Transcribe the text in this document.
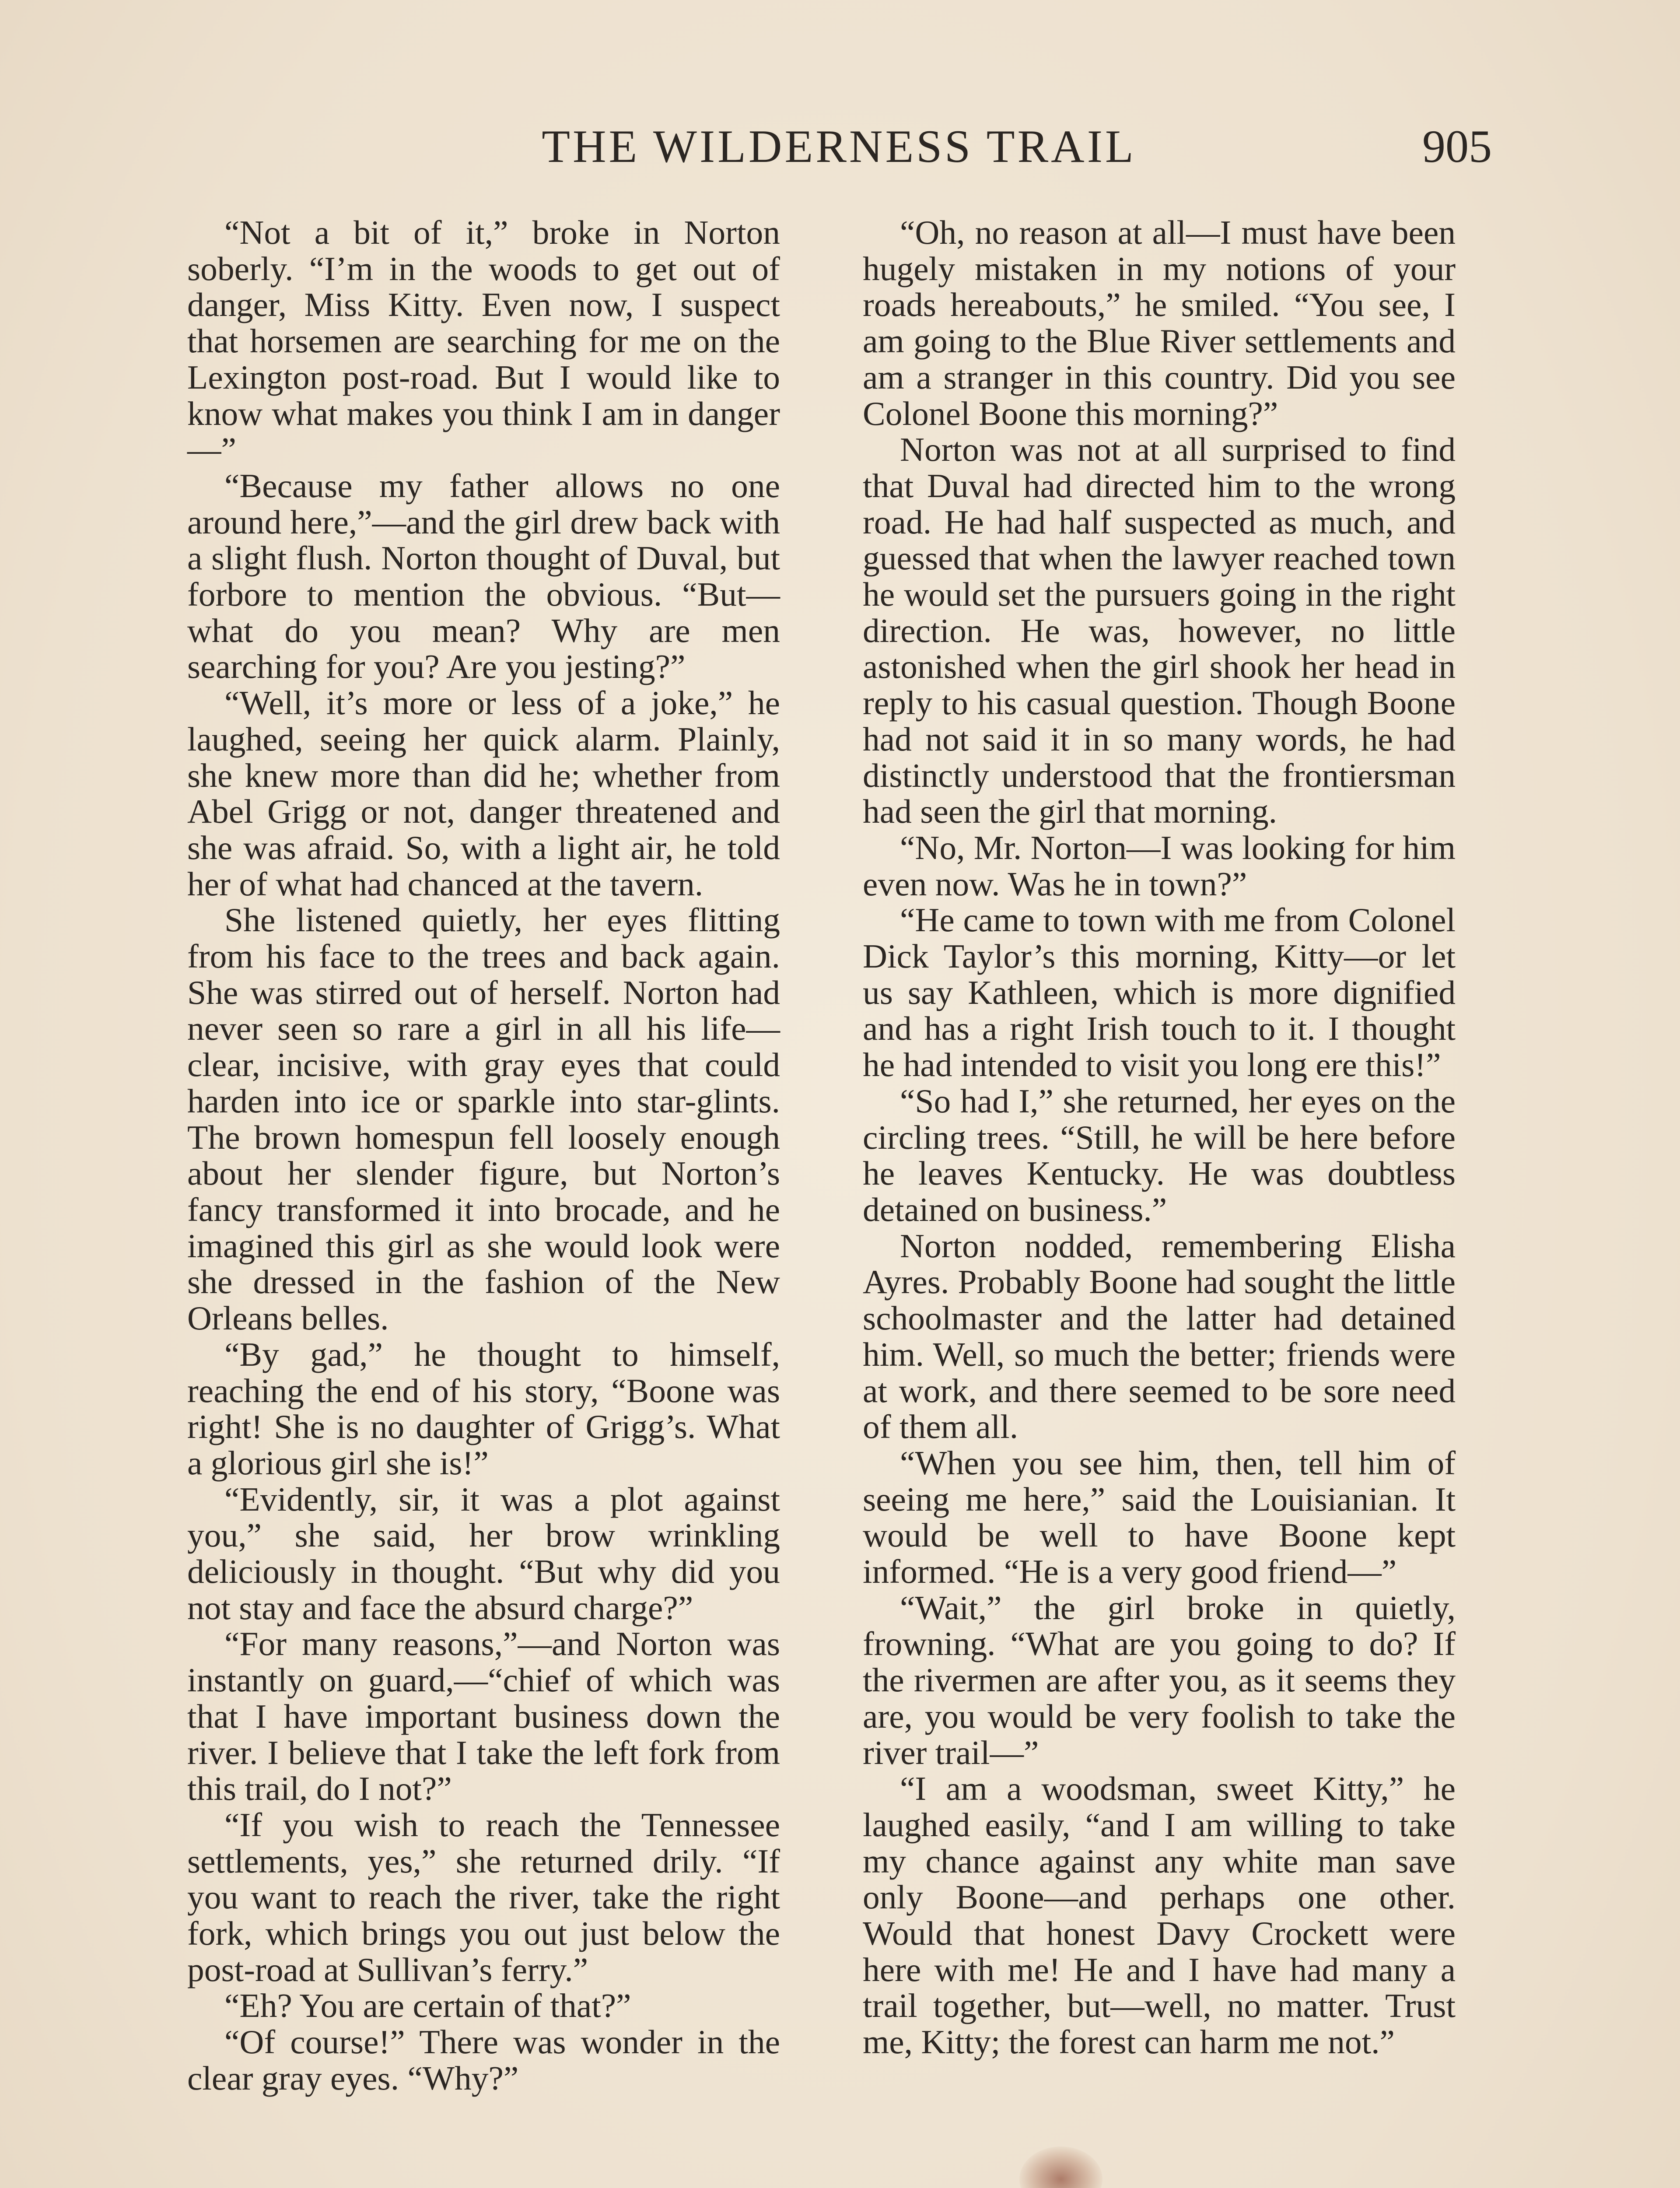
THE WILDERNESS TRAIL	905

“Not a bit of it,” broke in Norton soberly. “I’m in the woods to get out of danger, Miss Kitty. Even now, I suspect that horsemen are searching for me on the Lexington post-road. But I would like to know what makes you think I am in danger—”

“Because my father allows no one around here,”—and the girl drew back with a slight flush. Norton thought of Duval, but forbore to mention the obvious. “But—what do you mean? Why are men searching for you? Are you jesting?”

“Well, it’s more or less of a joke,” he laughed, seeing her quick alarm. Plainly, she knew more than did he; whether from Abel Grigg or not, danger threatened and she was afraid. So, with a light air, he told her of what had chanced at the tavern.

She listened quietly, her eyes flitting from his face to the trees and back again. She was stirred out of herself. Norton had never seen so rare a girl in all his life—clear, incisive, with gray eyes that could harden into ice or sparkle into star-glints. The brown homespun fell loosely enough about her slender figure, but Norton’s fancy transformed it into brocade, and he imagined this girl as she would look were she dressed in the fashion of the New Orleans belles.

“By gad,” he thought to himself, reaching the end of his story, “Boone was right! She is no daughter of Grigg’s. What a glorious girl she is!”

“Evidently, sir, it was a plot against you,” she said, her brow wrinkling deliciously in thought. “But why did you not stay and face the absurd charge?”

“For many reasons,”—and Norton was instantly on guard,—“chief of which was that I have important business down the river. I believe that I take the left fork from this trail, do I not?”

“If you wish to reach the Tennessee settlements, yes,” she returned drily. “If you want to reach the river, take the right fork, which brings you out just below the post-road at Sullivan’s ferry.”

“Eh? You are certain of that?”

“Of course!” There was wonder in the clear gray eyes. “Why?”

“Oh, no reason at all—I must have been hugely mistaken in my notions of your roads hereabouts,” he smiled. “You see, I am going to the Blue River settlements and am a stranger in this country. Did you see Colonel Boone this morning?”

Norton was not at all surprised to find that Duval had directed him to the wrong road. He had half suspected as much, and guessed that when the lawyer reached town he would set the pursuers going in the right direction. He was, however, no little astonished when the girl shook her head in reply to his casual question. Though Boone had not said it in so many words, he had distinctly understood that the frontiersman had seen the girl that morning.

“No, Mr. Norton—I was looking for him even now. Was he in town?”

“He came to town with me from Colonel Dick Taylor’s this morning, Kitty—or let us say Kathleen, which is more dignified and has a right Irish touch to it. I thought he had intended to visit you long ere this!”

“So had I,” she returned, her eyes on the circling trees. “Still, he will be here before he leaves Kentucky. He was doubtless detained on business.”

Norton nodded, remembering Elisha Ayres. Probably Boone had sought the little schoolmaster and the latter had detained him. Well, so much the better; friends were at work, and there seemed to be sore need of them all.

“When you see him, then, tell him of seeing me here,” said the Louisianian. It would be well to have Boone kept informed. “He is a very good friend—”

“Wait,” the girl broke in quietly, frowning. “What are you going to do? If the rivermen are after you, as it seems they are, you would be very foolish to take the river trail—”

“I am a woodsman, sweet Kitty,” he laughed easily, “and I am willing to take my chance against any white man save only Boone—and perhaps one other. Would that honest Davy Crockett were here with me! He and I have had many a trail together, but—well, no matter. Trust me, Kitty; the forest can harm me not.”
